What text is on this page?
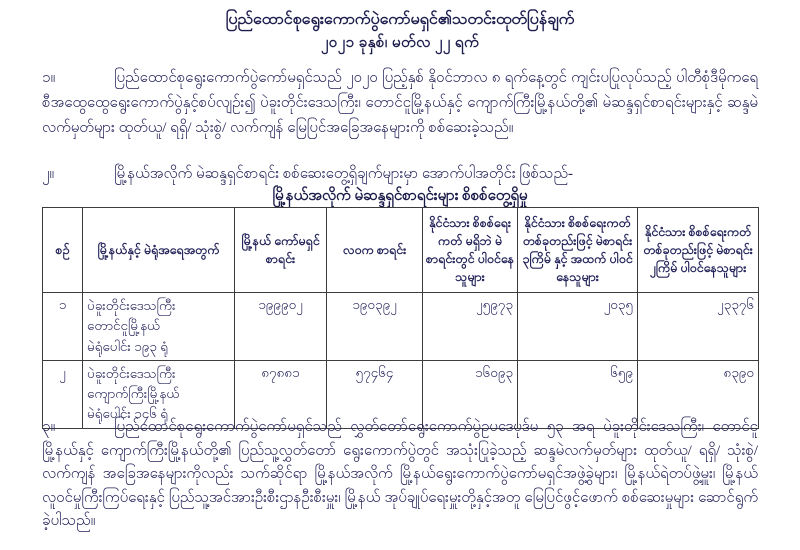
ပြည်ထောင်စုရွေးကောက်ပွဲကော်မရှင်၏သတင်းထုတ်ပြန်ချက်
၂၀၂၁ ခုနှစ်၊ မတ်လ ၂၂ ရက်
၁။	ပြည်ထောင်စုရွေးကောက်ပွဲကော်မရှင်သည် ၂၀၂၀ ပြည့်နှစ် နိုဝင်ဘာလ ၈ ရက်နေ့တွင် ကျင်းပပြုလုပ်သည့် ပါတီစုံဒီမိုကရေစီအထွေထွေရွေးကောက်ပွဲနှင့်စပ်လျဉ်း၍ ပဲခူးတိုင်းဒေသကြီး၊ တောင်ငူမြို့နယ်နှင့် ကျောက်ကြီးမြို့နယ်တို့၏ မဲဆန္ဒရှင်စာရင်းများနှင့် ဆန္ဒမဲလက်မှတ်များ ထုတ်ယူ/ ရရှိ/ သုံးစွဲ/ လက်ကျန် မြေပြင်အခြေအနေများကို စစ်ဆေးခဲ့သည်။
၂။	မြို့နယ်အလိုက် မဲဆန္ဒရှင်စာရင်း စစ်ဆေးတွေ့ရှိချက်များမှာ အောက်ပါအတိုင်း ဖြစ်သည်-
မြို့နယ်အလိုက် မဲဆန္ဒရှင်စာရင်းများ စိစစ်တွေ့ရှိမှု
စဉ်	မြို့နယ်နှင့် မဲရုံအရေအတွက်	မြို့နယ် ကော်မရှင် စာရင်း	လဝက စာရင်း	နိုင်ငံသား စိစစ်ရေးကတ် မရှိဘဲ မဲစာရင်းတွင် ပါဝင်နေသူများ	နိုင်ငံသား စိစစ်ရေးကတ် တစ်ခုတည်းဖြင့် မဲစာရင်း ၃ကြိမ် နှင့် အထက် ပါဝင်နေသူများ	နိုင်ငံသား စိစစ်ရေးကတ် တစ်ခုတည်းဖြင့် မဲစာရင်း ၂ကြိမ် ပါဝင်နေသူများ
၁	ပဲခူးတိုင်းဒေသကြီး
တောင်ငူမြို့နယ်
မဲရုံပေါင်း ၁၉၃ ရုံ	၁၉၉၉၀၂	၁၉၀၃၉၂	၂၅၉၇၃	၂၀၃၅	၂၃၃၇၆
၂	ပဲခူးတိုင်းဒေသကြီး
ကျောက်ကြီးမြို့နယ်
မဲရုံပေါင်း ၁၄၆ ရုံ	၈၇၈၈၁	၅၇၄၆၄	၁၆၀၉၃	၆၅၉	၈၃၉၀
၃။	ပြည်ထောင်စုရွေးကောက်ပွဲကော်မရှင်သည် လွှတ်တော်ရွေးကောက်ပွဲဥပဒေပုဒ်မ ၅၃ အရ ပဲခူးတိုင်းဒေသကြီး၊ တောင်ငူမြို့နယ်နှင့် ကျောက်ကြီးမြို့နယ်တို့၏ ပြည်သူ့လွှတ်တော် ရွေးကောက်ပွဲတွင် အသုံးပြုခဲ့သည့် ဆန္ဒမဲလက်မှတ်များ ထုတ်ယူ/ ရရှိ/ သုံးစွဲ/ လက်ကျန် အခြေအနေများကိုလည်း သက်ဆိုင်ရာ မြို့နယ်အလိုက် မြို့နယ်ရွေးကောက်ပွဲကော်မရှင်အဖွဲ့ခွဲများ၊ မြို့နယ်ရဲတပ်ဖွဲ့မှူး၊ မြို့နယ်လူဝင်မှုကြီးကြပ်ရေးနှင့် ပြည်သူ့အင်အားဦးစီးဌာနဦးစီးမှူး၊ မြို့နယ် အုပ်ချုပ်ရေးမှူးတို့နှင့်အတူ မြေပြင်ဖွင့်ဖောက် စစ်ဆေးမှုများ ဆောင်ရွက်ခဲ့ပါသည်။
